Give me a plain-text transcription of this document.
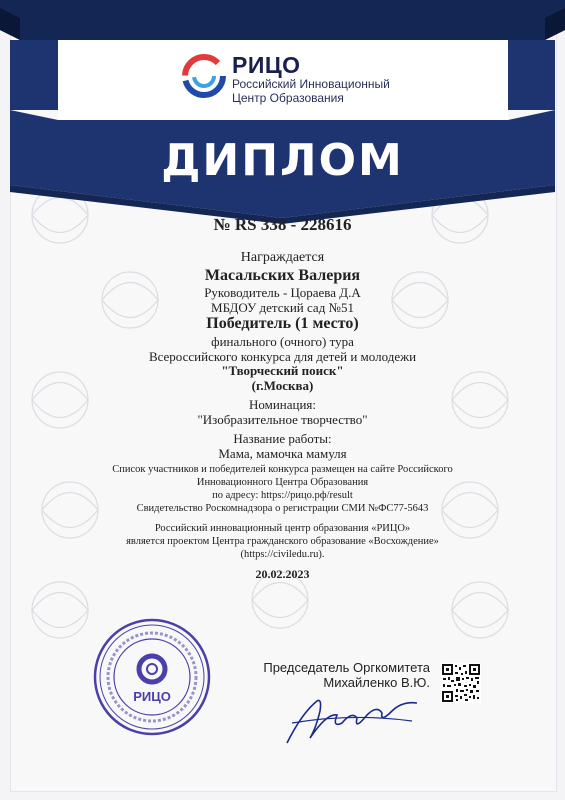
РИЦО
Российский Инновационный
Центр Образования
ДИПЛОМ
№ RS 338 - 228616
Награждается
Масальских Валерия
Руководитель - Цораева Д.А
МБДОУ детский сад №51
Победитель (1 место)
финального (очного) тура
Всероссийского конкурса для детей и молодежи
"Творческий поиск"
(г.Москва)
Номинация:
"Изобразительное творчество"
Название работы:
Мама, мамочка мамуля
Список участников и победителей конкурса размещен на сайте Российского
Инновационного Центра Образования
по адресу: https://рицо.рф/result
Свидетельство Роскомнадзора о регистрации СМИ №ФС77-5643
Российский инновационный центр образования «РИЦО»
является проектом Центра гражданского образование «Восхождение»
(https://civiledu.ru).
20.02.2023
РИЦО
Председатель Оргкомитета
Михайленко В.Ю.
